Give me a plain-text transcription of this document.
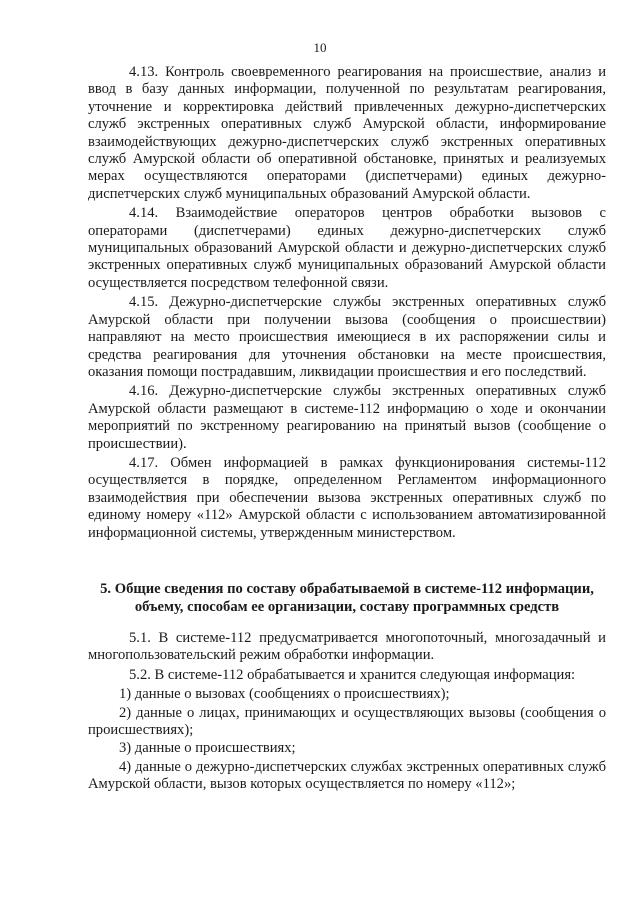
10

4.13. Контроль своевременного реагирования на происшествие, анализ и ввод в базу данных информации, полученной по результатам реагирования, уточнение и корректировка действий привлеченных дежурно-диспетчерских служб экстренных оперативных служб Амурской области, информирование взаимодействующих дежурно-диспетчерских служб экстренных оперативных служб Амурской области об оперативной обстановке, принятых и реализуемых мерах осуществляются операторами (диспетчерами) единых дежурно-диспетчерских служб муниципальных образований Амурской области.

4.14. Взаимодействие операторов центров обработки вызовов с операторами (диспетчерами) единых дежурно-диспетчерских служб муниципальных образований Амурской области и дежурно-диспетчерских служб экстренных оперативных служб муниципальных образований Амурской области осуществляется посредством телефонной связи.

4.15. Дежурно-диспетчерские службы экстренных оперативных служб Амурской области при получении вызова (сообщения о происшествии) направляют на место происшествия имеющиеся в их распоряжении силы и средства реагирования для уточнения обстановки на месте происшествия, оказания помощи пострадавшим, ликвидации происшествия и его последствий.

4.16. Дежурно-диспетчерские службы экстренных оперативных служб Амурской области размещают в системе-112 информацию о ходе и окончании мероприятий по экстренному реагированию на принятый вызов (сообщение о происшествии).

4.17. Обмен информацией в рамках функционирования системы-112 осуществляется в порядке, определенном Регламентом информационного взаимодействия при обеспечении вызова экстренных оперативных служб по единому номеру «112» Амурской области с использованием автоматизированной информационной системы, утвержденным министерством.

5. Общие сведения по составу обрабатываемой в системе-112 информации, объему, способам ее организации, составу программных средств

5.1. В системе-112 предусматривается многопоточный, многозадачный и многопользовательский режим обработки информации.

5.2. В системе-112 обрабатывается и хранится следующая информация:

1) данные о вызовах (сообщениях о происшествиях);

2) данные о лицах, принимающих и осуществляющих вызовы (сообщения о происшествиях);

3) данные о происшествиях;

4) данные о дежурно-диспетчерских службах экстренных оперативных служб Амурской области, вызов которых осуществляется по номеру «112»;
